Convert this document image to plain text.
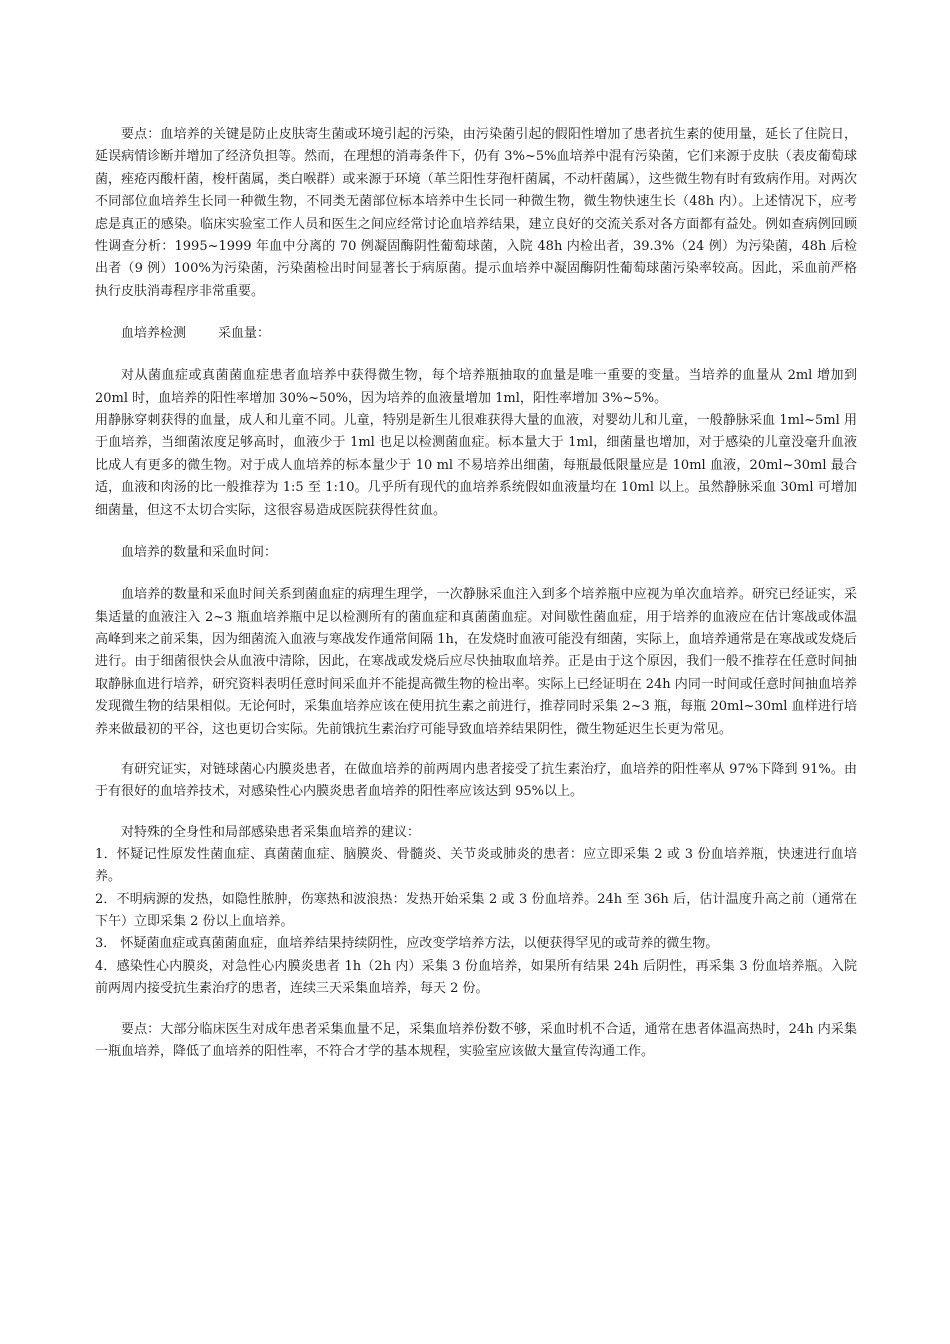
要点：血培养的关键是防止皮肤寄生菌或环境引起的污染，由污染菌引起的假阳性增加了患者抗生素的使用量，延长了住院日，延误病情诊断并增加了经济负担等。然而，在理想的消毒条件下，仍有 3%~5%血培养中混有污染菌，它们来源于皮肤（表皮葡萄球菌，痤疮丙酸杆菌，梭杆菌属，类白喉群）或来源于环境（革兰阳性芽孢杆菌属，不动杆菌属），这些微生物有时有致病作用。对两次不同部位血培养生长同一种微生物，不同类无菌部位标本培养中生长同一种微生物，微生物快速生长（48h 内）。上述情况下，应考虑是真正的感染。临床实验室工作人员和医生之间应经常讨论血培养结果，建立良好的交流关系对各方面都有益处。例如查病例回顾性调查分析：1995~1999 年血中分离的 70 例凝固酶阴性葡萄球菌，入院 48h 内检出者，39.3%（24 例）为污染菌，48h 后检出者（9 例）100%为污染菌，污染菌检出时间显著长于病原菌。提示血培养中凝固酶阴性葡萄球菌污染率较高。因此，采血前严格执行皮肤消毒程序非常重要。

血培养检测 采血量：

对从菌血症或真菌菌血症患者血培养中获得微生物，每个培养瓶抽取的血量是唯一重要的变量。当培养的血量从 2ml 增加到 20ml 时，血培养的阳性率增加 30%~50%，因为培养的血液量增加 1ml，阳性率增加 3%~5%。

用静脉穿刺获得的血量，成人和儿童不同。儿童，特别是新生儿很难获得大量的血液，对婴幼儿和儿童，一般静脉采血 1ml~5ml 用于血培养，当细菌浓度足够高时，血液少于 1ml 也足以检测菌血症。标本量大于 1ml，细菌量也增加，对于感染的儿童没毫升血液比成人有更多的微生物。对于成人血培养的标本量少于 10 ml 不易培养出细菌，每瓶最低限量应是 10ml 血液，20ml~30ml 最合适，血液和肉汤的比一般推荐为 1:5 至 1:10。几乎所有现代的血培养系统假如血液量均在 10ml 以上。虽然静脉采血 30ml 可增加细菌量，但这不太切合实际，这很容易造成医院获得性贫血。

血培养的数量和采血时间：

血培养的数量和采血时间关系到菌血症的病理生理学，一次静脉采血注入到多个培养瓶中应视为单次血培养。研究已经证实，采集适量的血液注入 2~3 瓶血培养瓶中足以检测所有的菌血症和真菌菌血症。对间歇性菌血症，用于培养的血液应在估计寒战或体温高峰到来之前采集，因为细菌流入血液与寒战发作通常间隔 1h，在发烧时血液可能没有细菌，实际上，血培养通常是在寒战或发烧后进行。由于细菌很快会从血液中清除，因此，在寒战或发烧后应尽快抽取血培养。正是由于这个原因，我们一般不推荐在任意时间抽取静脉血进行培养，研究资料表明任意时间采血并不能提高微生物的检出率。实际上已经证明在 24h 内同一时间或任意时间抽血培养发现微生物的结果相似。无论何时，采集血培养应该在使用抗生素之前进行，推荐同时采集 2~3 瓶，每瓶 20ml~30ml 血样进行培养来做最初的平谷，这也更切合实际。先前饿抗生素治疗可能导致血培养结果阴性，微生物延迟生长更为常见。

有研究证实，对链球菌心内膜炎患者，在做血培养的前两周内患者接受了抗生素治疗，血培养的阳性率从 97%下降到 91%。由于有很好的血培养技术，对感染性心内膜炎患者血培养的阳性率应该达到 95%以上。

对特殊的全身性和局部感染患者采集血培养的建议：

1．怀疑记性原发性菌血症、真菌菌血症、脑膜炎、骨髓炎、关节炎或肺炎的患者：应立即采集 2 或 3 份血培养瓶，快速进行血培养。

2．不明病源的发热，如隐性脓肿，伤寒热和波浪热：发热开始采集 2 或 3 份血培养。24h 至 36h 后，估计温度升高之前（通常在下午）立即采集 2 份以上血培养。

3． 怀疑菌血症或真菌菌血症，血培养结果持续阴性，应改变学培养方法，以便获得罕见的或苛养的微生物。

4．感染性心内膜炎，对急性心内膜炎患者 1h（2h 内）采集 3 份血培养，如果所有结果 24h 后阴性，再采集 3 份血培养瓶。入院前两周内接受抗生素治疗的患者，连续三天采集血培养，每天 2 份。

要点：大部分临床医生对成年患者采集血量不足，采集血培养份数不够，采血时机不合适，通常在患者体温高热时，24h 内采集一瓶血培养，降低了血培养的阳性率，不符合才学的基本规程，实验室应该做大量宣传沟通工作。
